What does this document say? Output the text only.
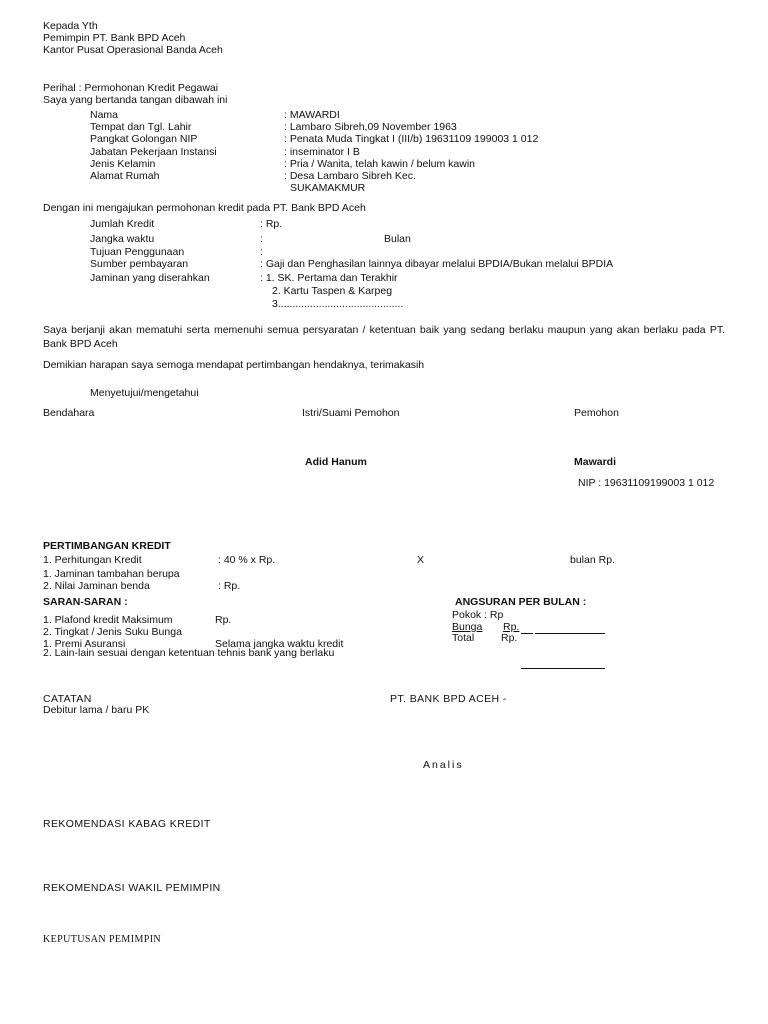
Kepada Yth
Pemimpin PT. Bank BPD Aceh
Kantor Pusat Operasional Banda Aceh
Perihal : Permohonan Kredit Pegawai
Saya yang bertanda tangan dibawah ini
Nama	: MAWARDI
Tempat dan Tgl. Lahir	: Lambaro Sibreh,09 November 1963
Pangkat Golongan NIP	: Penata Muda Tingkat I (III/b) 19631109 199003 1 012
Jabatan Pekerjaan Instansi	: inseminator I B
Jenis Kelamin	: Pria / Wanita, telah kawin / belum kawin
Alamat Rumah	: Desa Lambaro Sibreh Kec.
SUKAMAKMUR
Dengan ini mengajukan permohonan kredit pada PT. Bank BPD Aceh
Jumlah Kredit	: Rp.
Jangka waktu	:	Bulan
Tujuan Penggunaan	:
Sumber pembayaran	: Gaji dan Penghasilan lainnya dibayar melalui BPDIA/Bukan melalui BPDIA
Jaminan yang diserahkan	: 1. SK. Pertama dan Terakhir
2. Kartu Taspen & Karpeg
3...........................................
Saya berjanji akan mematuhi serta memenuhi semua persyaratan / ketentuan baik yang sedang berlaku maupun yang akan berlaku pada PT. Bank BPD Aceh
Demikian harapan saya semoga mendapat pertimbangan hendaknya, terimakasih
Menyetujui/mengetahui
Bendahara	Istri/Suami Pemohon	Pemohon
Adid Hanum	Mawardi
NIP : 19631109199003 1 012
PERTIMBANGAN KREDIT
1. Perhitungan Kredit	: 40 % x Rp.	X	bulan Rp.
1. Jaminan tambahan berupa
2. Nilai Jaminan benda	: Rp.
SARAN-SARAN :
1. Plafond kredit Maksimum	Rp.
2. Tingkat / Jenis Suku Bunga
1. Premi Asuransi	Selama jangka waktu kredit
2. Lain-lain sesuai dengan ketentuan tehnis bank yang berlaku
ANGSURAN PER BULAN :
Pokok : Rp
Bunga Rp.
Total	Rp.
CATATAN
Debitur lama / baru PK
PT. BANK BPD ACEH -
Analis
REKOMENDASI KABAG KREDIT
REKOMENDASI WAKIL PEMIMPIN
KEPUTUSAN PEMIMPIN
